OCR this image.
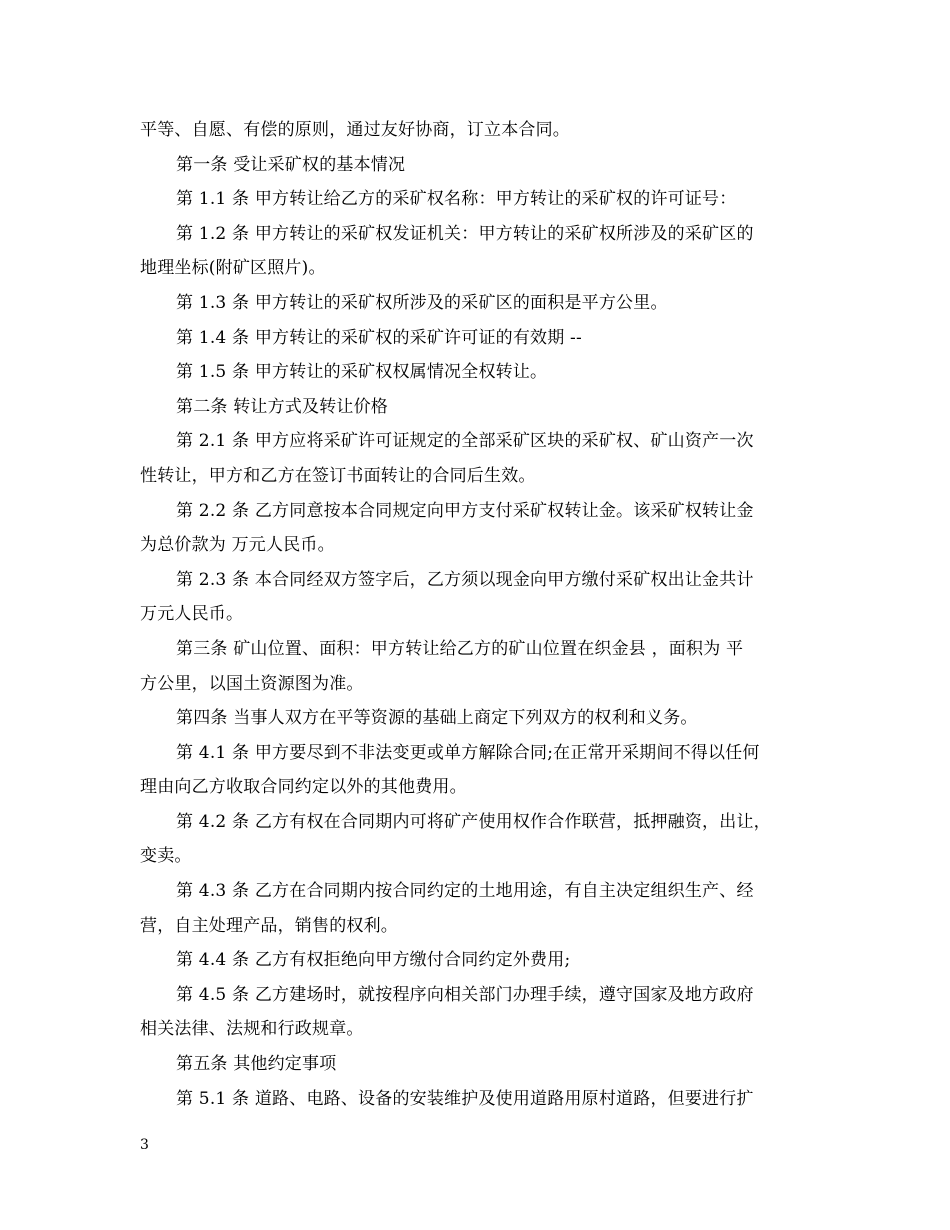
平等、自愿、有偿的原则，通过友好协商，订立本合同。
第一条 受让采矿权的基本情况
第 1.1 条 甲方转让给乙方的采矿权名称：甲方转让的采矿权的许可证号：
第 1.2 条 甲方转让的采矿权发证机关：甲方转让的采矿权所涉及的采矿区的
地理坐标(附矿区照片)。
第 1.3 条 甲方转让的采矿权所涉及的采矿区的面积是平方公里。
第 1.4 条 甲方转让的采矿权的采矿许可证的有效期 --
第 1.5 条 甲方转让的采矿权权属情况全权转让。
第二条 转让方式及转让价格
第 2.1 条 甲方应将采矿许可证规定的全部采矿区块的采矿权、矿山资产一次
性转让，甲方和乙方在签订书面转让的合同后生效。
第 2.2 条 乙方同意按本合同规定向甲方支付采矿权转让金。该采矿权转让金
为总价款为 万元人民币。
第 2.3 条 本合同经双方签字后，乙方须以现金向甲方缴付采矿权出让金共计
万元人民币。
第三条 矿山位置、面积：甲方转让给乙方的矿山位置在织金县 ，面积为 平
方公里，以国土资源图为准。
第四条 当事人双方在平等资源的基础上商定下列双方的权利和义务。
第 4.1 条 甲方要尽到不非法变更或单方解除合同;在正常开采期间不得以任何
理由向乙方收取合同约定以外的其他费用。
第 4.2 条 乙方有权在合同期内可将矿产使用权作合作联营，抵押融资，出让，
变卖。
第 4.3 条 乙方在合同期内按合同约定的土地用途，有自主决定组织生产、经
营，自主处理产品，销售的权利。
第 4.4 条 乙方有权拒绝向甲方缴付合同约定外费用;
第 4.5 条 乙方建场时，就按程序向相关部门办理手续，遵守国家及地方政府
相关法律、法规和行政规章。
第五条 其他约定事项
第 5.1 条 道路、电路、设备的安装维护及使用道路用原村道路，但要进行扩
3
